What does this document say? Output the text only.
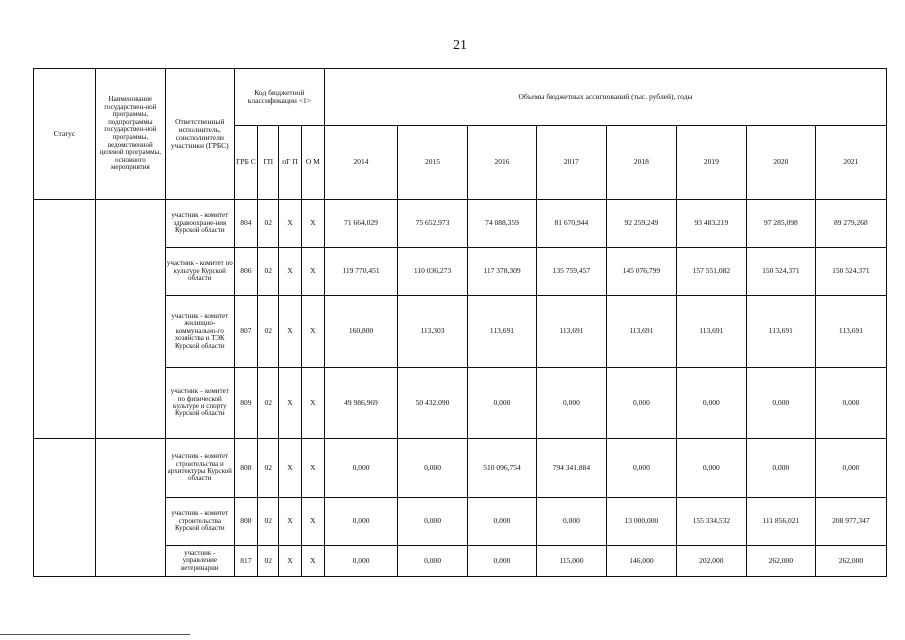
21
Статус	Наименование государствен-ной программы, подпрограммы государствен-ной программы, ведомственной целевой программы, основного мероприятия	Ответственный исполнитель, соисполнители участники (ГРБС)	Код бюджетной классификации <1>				Объемы бюджетных ассигнований (тыс. рублей), годы							
			ГРБ С	ГП	пГ П	О М	2014	2015	2016	2017	2018	2019	2020	2021
		участник - комитет здравоохране-ния Курской области	804	02	X	X	71 664,029	75 652,973	74 088,359	81 670,944	92 259,249	93 483,219	97 285,098	89 279,268
		участник - комитет по культуре Курской области	806	02	X	X	119 770,451	110 036,273	117 378,309	135 759,457	145 076,799	157 551,082	150 524,371	150 524,371
		участник - комитет жилищно-коммунально-го хозяйства и ТЭК Курской области	807	02	X	X	160,800	113,303	113,691	113,691	113,691	113,691	113,691	113,691
		участник – комитет по физической культуре и спорту Курской области	809	02	X	X	49 986,969	50 432,090	0,000	0,000	0,000	0,000	0,000	0,000
		участник - комитет строительства и архитектуры Курской области	808	02	X	X	0,000	0,000	510 096,754	794 341,884	0,000	0,000	0,000	0,000
		участник - комитет строительства Курской области	808	02	X	X	0,000	0,000	0,000	0,000	13 000,000	155 334,532	111 856,021	208 977,347
		участник - управление ветеринарии	817	02	X	X	0,000	0,000	0,000	115,000	146,000	202,000	262,000	262,000
